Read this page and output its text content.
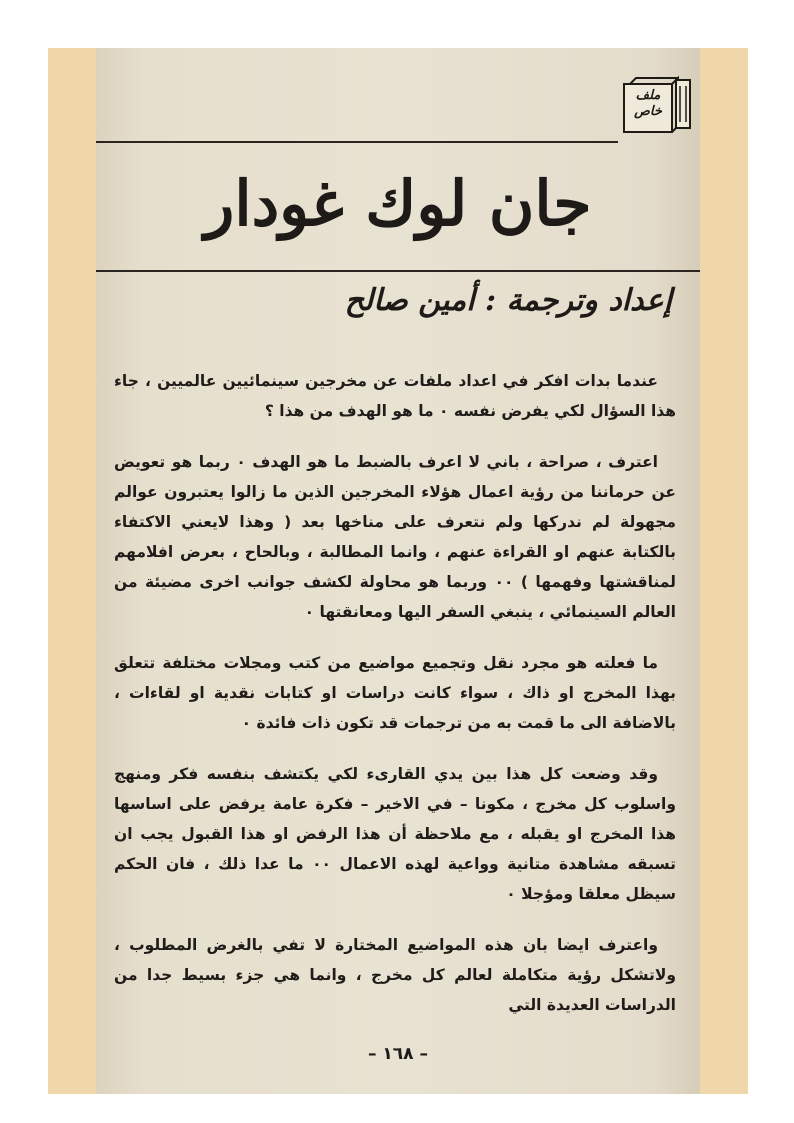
ملف خاص
جان لوك غودار
إعداد وترجمة : أمين صالح

عندما بدات افكر في اعداد ملفات عن مخرجين سينمائيين عالميين ، جاء هذا السؤال لكي يفرض نفسه ٠ ما هو الهدف من هذا ؟

اعترف ، صراحة ، باني لا اعرف بالضبط ما هو الهدف ٠ ربما هو تعويض عن حرماننا من رؤية اعمال هؤلاء المخرجين الذين ما زالوا يعتبرون عوالم مجهولة لم ندركها ولم نتعرف على مناخها بعد ( وهذا لايعني الاكتفاء بالكتابة عنهم او القراءة عنهم ، وانما المطالبة ، وبالحاح ، بعرض افلامهم لمناقشتها وفهمها ) ٠٠ وربما هو محاولة لكشف جوانب اخرى مضيئة من العالم السينمائي ، ينبغي السفر اليها ومعانقتها ٠

ما فعلته هو مجرد نقل وتجميع مواضيع من كتب ومجلات مختلفة تتعلق بهذا المخرج او ذاك ، سواء كانت دراسات او كتابات نقدية او لقاءات ، بالاضافة الى ما قمت به من ترجمات قد تكون ذات فائدة ٠

وقد وضعت كل هذا بين يدي القارىء لكي يكتشف بنفسه فكر ومنهج واسلوب كل مخرج ، مكونا – في الاخير – فكرة عامة يرفض على اساسها هذا المخرج او يقبله ، مع ملاحظة أن هذا الرفض او هذا القبول يجب ان تسبقه مشاهدة متانية وواعية لهذه الاعمال ٠٠ ما عدا ذلك ، فان الحكم سيظل معلقا ومؤجلا ٠

واعترف ايضا بان هذه المواضيع المختارة لا تفي بالغرض المطلوب ، ولاتشكل رؤية متكاملة لعالم كل مخرج ، وانما هي جزء بسيط جدا من الدراسات العديدة التي

– ١٦٨ –
